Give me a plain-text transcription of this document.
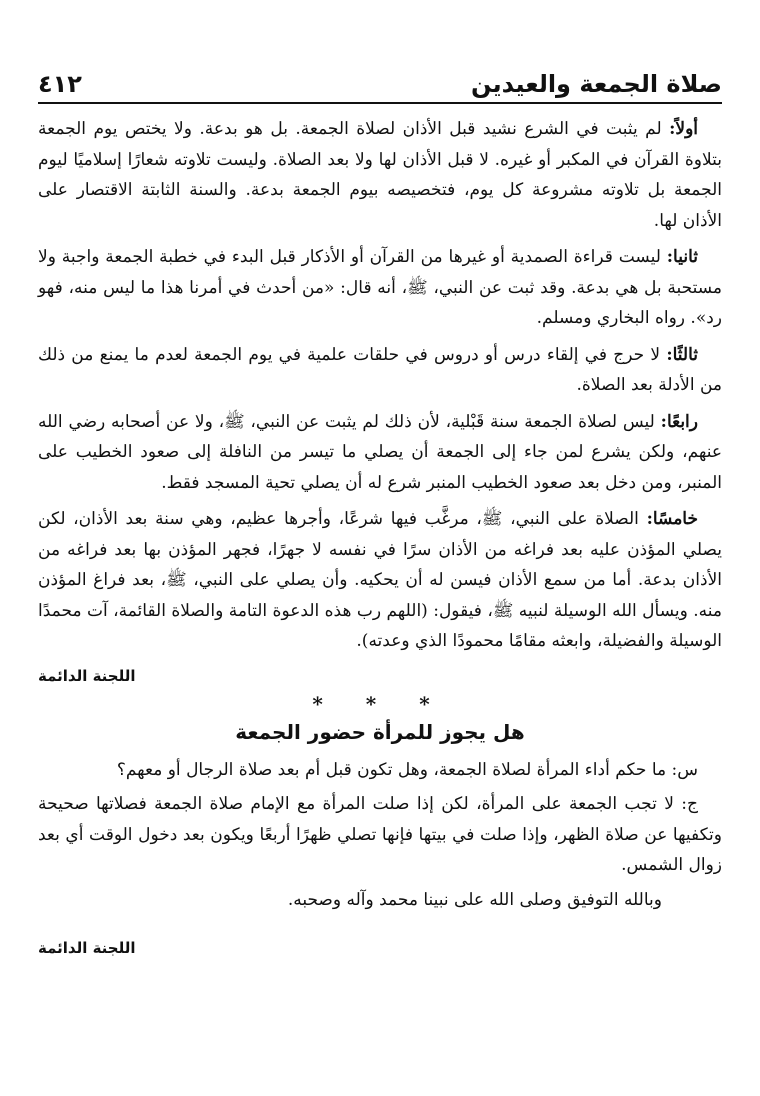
صلاة الجمعة والعيدين
٤١٢

أولاً: لم يثبت في الشرع نشيد قبل الأذان لصلاة الجمعة. بل هو بدعة. ولا يختص يوم الجمعة بتلاوة القرآن في المكبر أو غيره. لا قبل الأذان لها ولا بعد الصلاة. وليست تلاوته شعارًا إسلاميًا ليوم الجمعة بل تلاوته مشروعة كل يوم، فتخصيصه بيوم الجمعة بدعة. والسنة الثابتة الاقتصار على الأذان لها.

ثانيا: ليست قراءة الصمدية أو غيرها من القرآن أو الأذكار قبل البدء في خطبة الجمعة واجبة ولا مستحبة بل هي بدعة. وقد ثبت عن النبي، ﷺ، أنه قال: «من أحدث في أمرنا هذا ما ليس منه، فهو رد». رواه البخاري ومسلم.

ثالثًا: لا حرج في إلقاء درس أو دروس في حلقات علمية في يوم الجمعة لعدم ما يمنع من ذلك من الأدلة بعد الصلاة.

رابعًا: ليس لصلاة الجمعة سنة قَبْلية، لأن ذلك لم يثبت عن النبي، ﷺ، ولا عن أصحابه رضي الله عنهم، ولكن يشرع لمن جاء إلى الجمعة أن يصلي ما تيسر من النافلة إلى صعود الخطيب على المنبر، ومن دخل بعد صعود الخطيب المنبر شرع له أن يصلي تحية المسجد فقط.

خامسًا: الصلاة على النبي، ﷺ، مرغَّب فيها شرعًا، وأجرها عظيم، وهي سنة بعد الأذان، لكن يصلي المؤذن عليه بعد فراغه من الأذان سرًا في نفسه لا جهرًا، فجهر المؤذن بها بعد فراغه من الأذان بدعة. أما من سمع الأذان فيسن له أن يحكيه. وأن يصلي على النبي، ﷺ، بعد فراغ المؤذن منه. ويسأل الله الوسيلة لنبيه ﷺ، فيقول: (اللهم رب هذه الدعوة التامة والصلاة القائمة، آت محمدًا الوسيلة والفضيلة، وابعثه مقامًا محمودًا الذي وعدته).

اللجنة الدائمة

* * *

هل يجوز للمرأة حضور الجمعة

س: ما حكم أداء المرأة لصلاة الجمعة، وهل تكون قبل أم بعد صلاة الرجال أو معهم؟

ج: لا تجب الجمعة على المرأة، لكن إذا صلت المرأة مع الإمام صلاة الجمعة فصلاتها صحيحة وتكفيها عن صلاة الظهر، وإذا صلت في بيتها فإنها تصلي ظهرًا أربعًا ويكون بعد دخول الوقت أي بعد زوال الشمس.

وبالله التوفيق وصلى الله على نبينا محمد وآله وصحبه.

اللجنة الدائمة
